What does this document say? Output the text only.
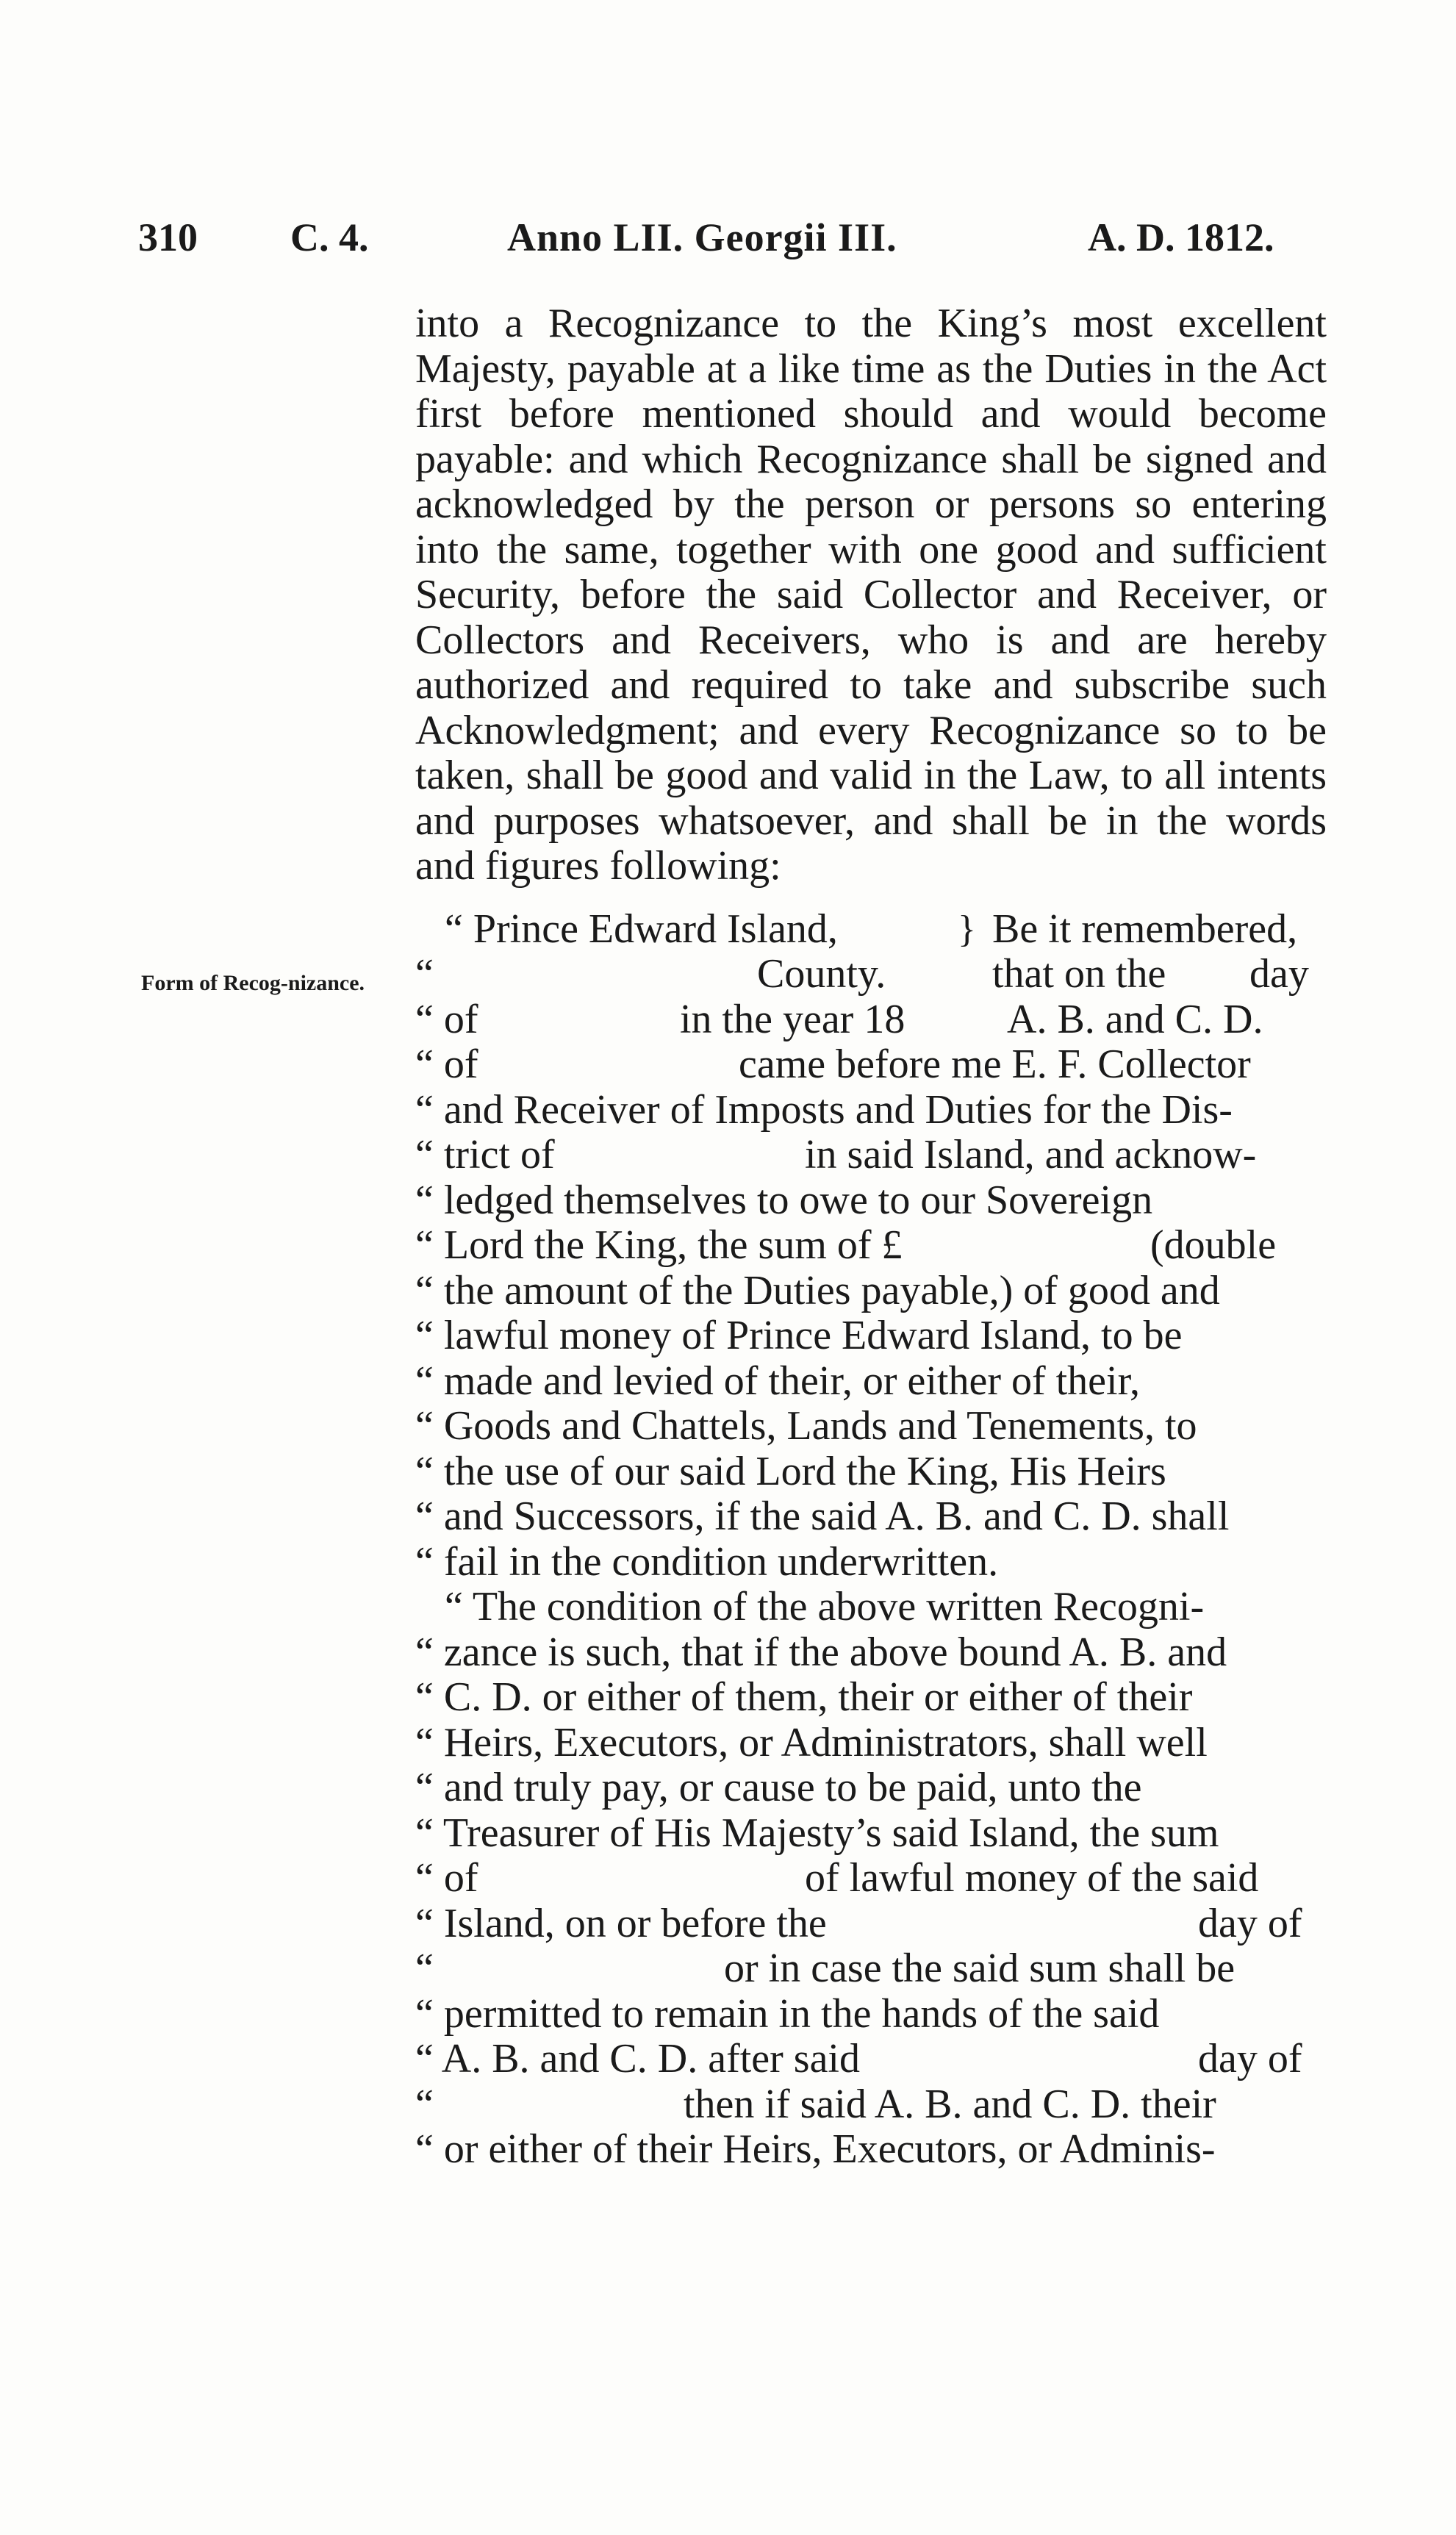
310 C. 4.	Anno LII. Georgii III.	A. D. 1812.
Form of Recog-nizance.

into a Recognizance to the King’s most excellent Majesty, payable at a like time as the Duties in the Act first before mentioned should and would become payable: and which Recognizance shall be signed and acknowledged by the person or persons so entering into the same, together with one good and sufficient Security, before the said Collector and Receiver, or Collectors and Receivers, who is and are hereby authorized and required to take and subscribe such Acknowledgment; and every Recognizance so to be taken, shall be good and valid in the Law, to all intents and purposes whatsoever, and shall be in the words and figures following:

“ Prince Edward Island,	} Be it remembered,
“	County.	that on the day
“ of	in the year 18 A. B. and C. D.
“ of	came before me E. F. Collector
“ and Receiver of Imposts and Duties for the Dis-
“ trict of	in said Island, and acknow-
“ ledged themselves to owe to our Sovereign
“ Lord the King, the sum of £	(double
“ the amount of the Duties payable,) of good and
“ lawful money of Prince Edward Island, to be
“ made and levied of their, or either of their,
“ Goods and Chattels, Lands and Tenements, to
“ the use of our said Lord the King, His Heirs
“ and Successors, if the said A. B. and C. D. shall
“ fail in the condition underwritten.
“ The condition of the above written Recogni-
“ zance is such, that if the above bound A. B. and
“ C. D. or either of them, their or either of their
“ Heirs, Executors, or Administrators, shall well
“ and truly pay, or cause to be paid, unto the
“ Treasurer of His Majesty’s said Island, the sum
“ of	of lawful money of the said
“ Island, on or before the	day of
“	or in case the said sum shall be
“ permitted to remain in the hands of the said
“ A. B. and C. D. after said	day of
“	then if said A. B. and C. D. their
“ or either of their Heirs, Executors, or Adminis-
